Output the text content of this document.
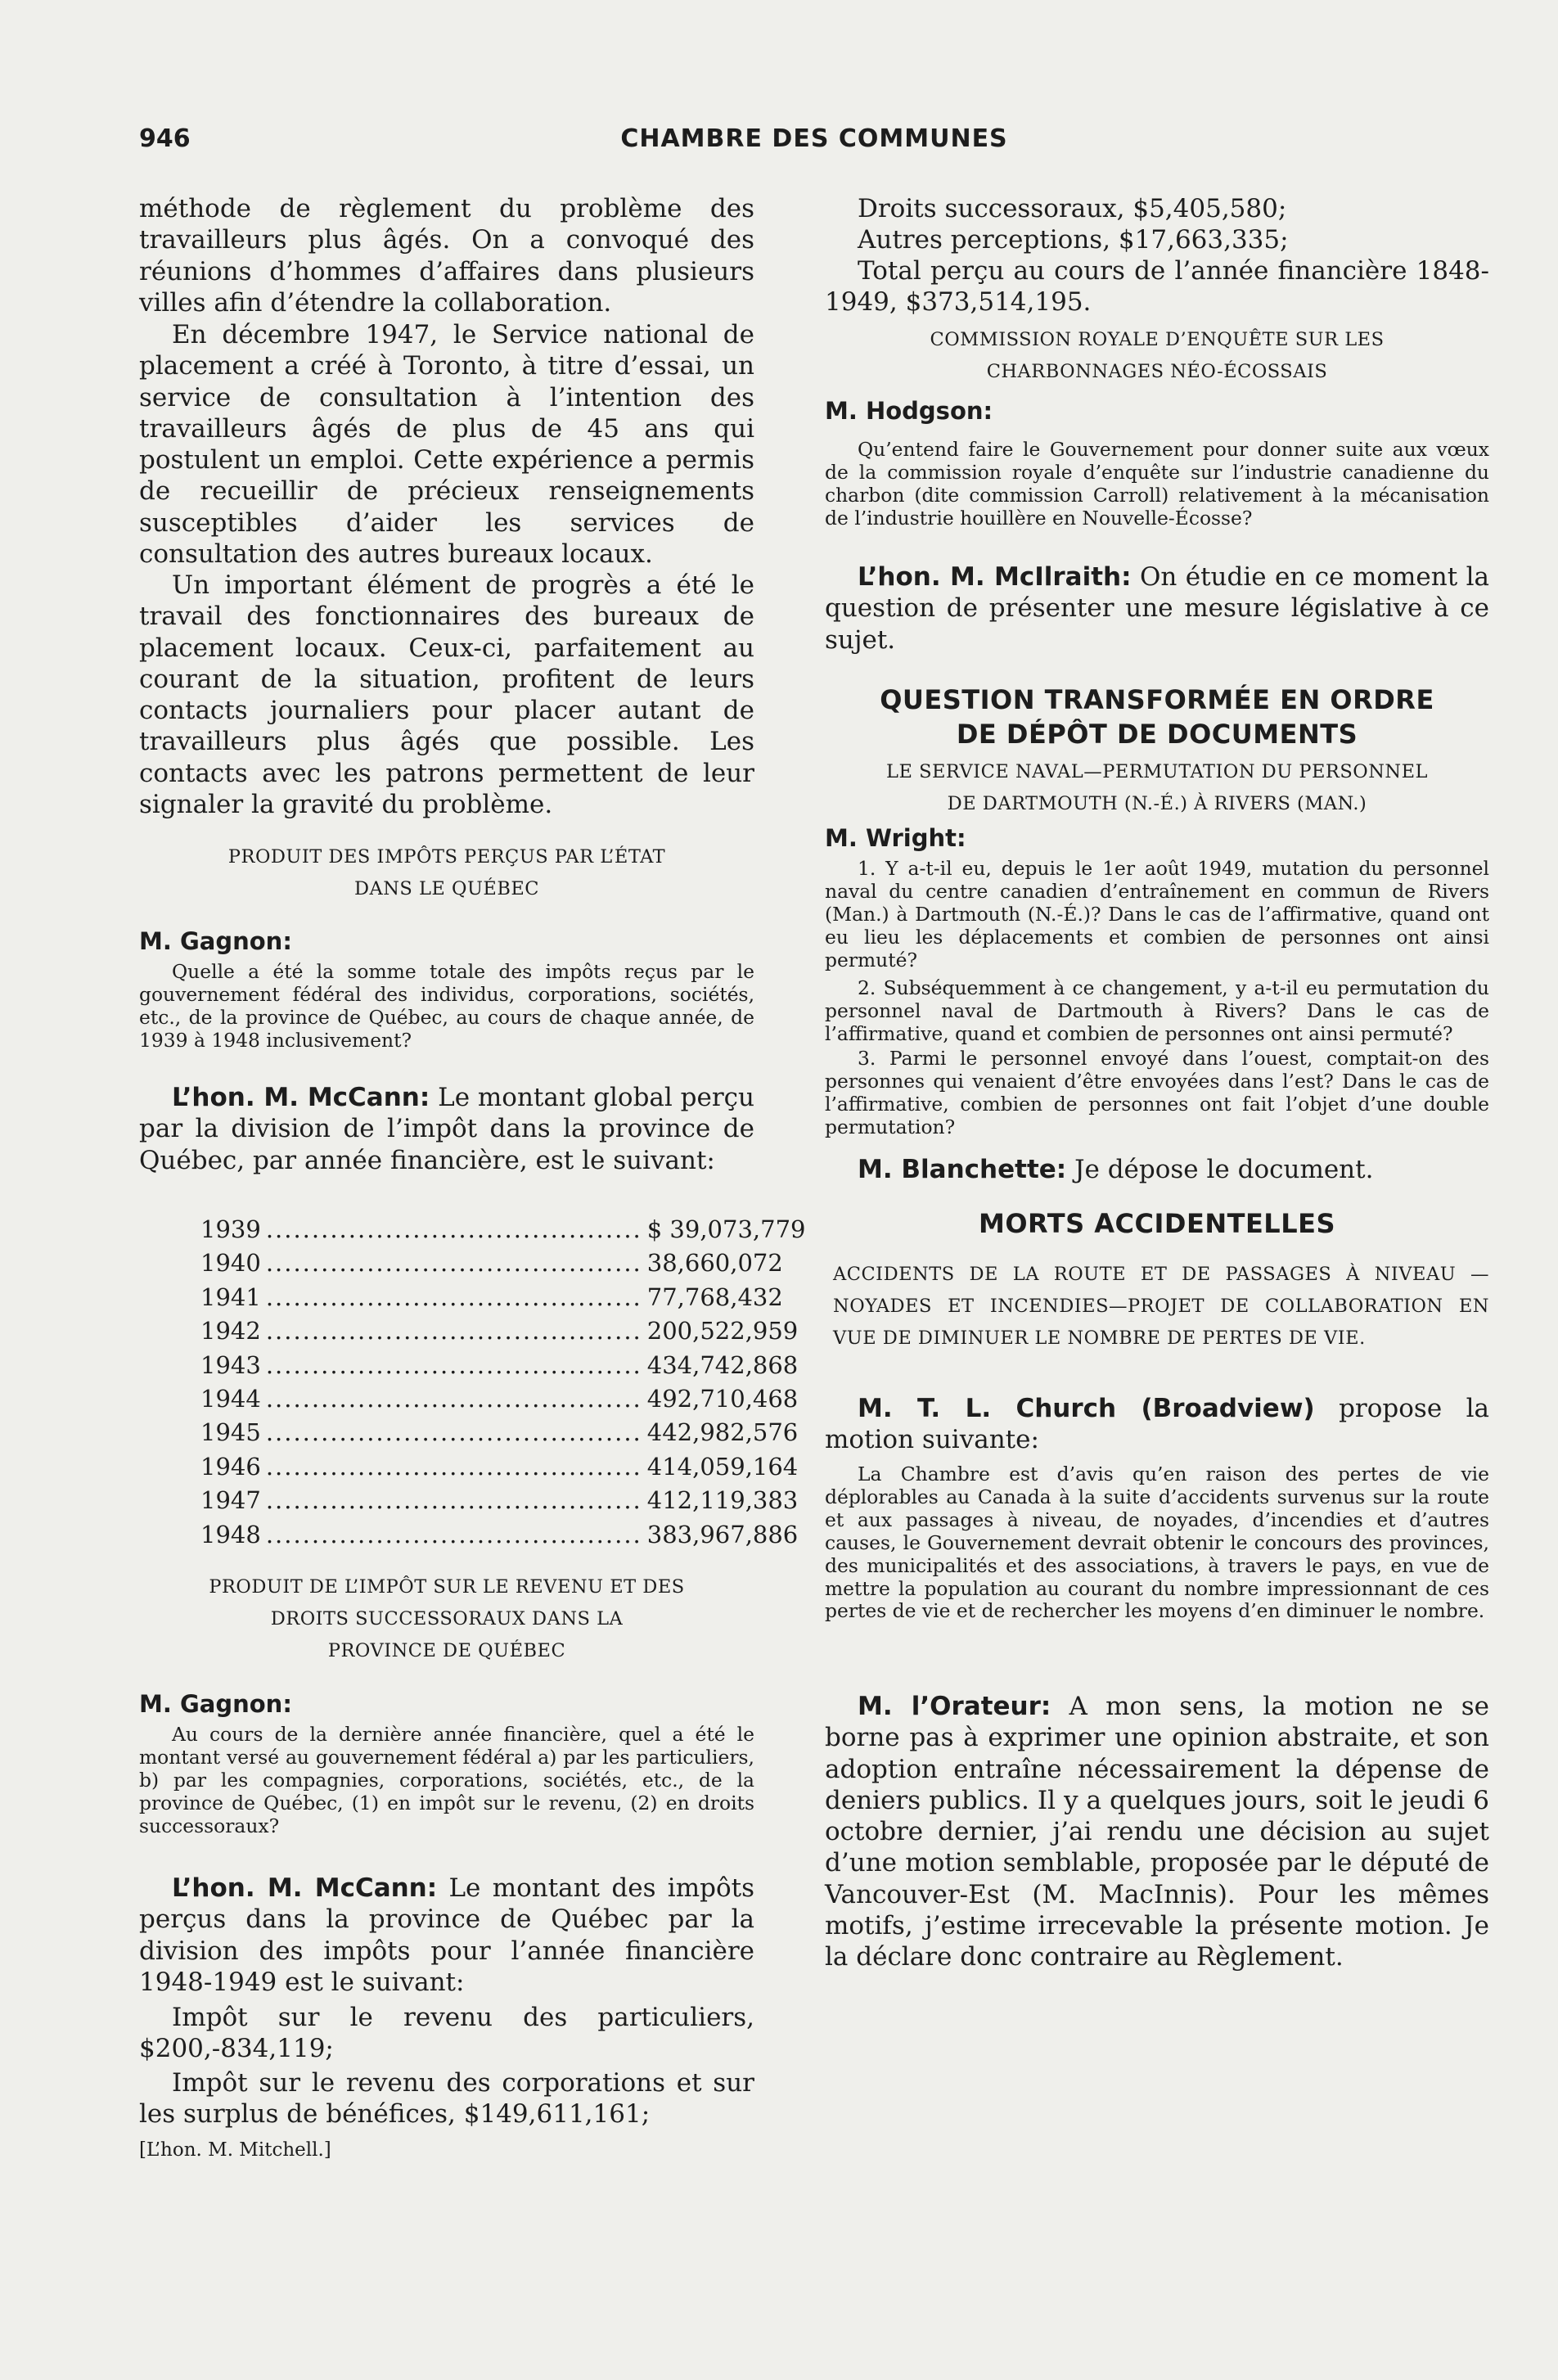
946	CHAMBRE DES COMMUNES

méthode de règlement du problème des travailleurs plus âgés. On a convoqué des réunions d’hommes d’affaires dans plusieurs villes afin d’étendre la collaboration.

En décembre 1947, le Service national de placement a créé à Toronto, à titre d’essai, un service de consultation à l’intention des travailleurs âgés de plus de 45 ans qui postulent un emploi. Cette expérience a permis de recueillir de précieux renseignements susceptibles d’aider les services de consultation des autres bureaux locaux.

Un important élément de progrès a été le travail des fonctionnaires des bureaux de placement locaux. Ceux-ci, parfaitement au courant de la situation, profitent de leurs contacts journaliers pour placer autant de travailleurs plus âgés que possible. Les contacts avec les patrons permettent de leur signaler la gravité du problème.

PRODUIT DES IMPÔTS PERÇUS PAR L’ÉTAT

DANS LE QUÉBEC

M. Gagnon:

Quelle a été la somme totale des impôts reçus par le gouvernement fédéral des individus, corporations, sociétés, etc., de la province de Québec, au cours de chaque année, de 1939 à 1948 inclusivement?

L’hon. M. McCann: Le montant global perçu par la division de l’impôt dans la province de Québec, par année financière, est le suivant:

1939 ......................................... $ 39,073,779
1940 ......................................... 38,660,072
1941 ......................................... 77,768,432
1942 ......................................... 200,522,959
1943 ......................................... 434,742,868
1944 ......................................... 492,710,468
1945 ......................................... 442,982,576
1946 ......................................... 414,059,164
1947 ......................................... 412,119,383
1948 ......................................... 383,967,886

PRODUIT DE L’IMPÔT SUR LE REVENU ET DES

DROITS SUCCESSORAUX DANS LA

PROVINCE DE QUÉBEC

M. Gagnon:

Au cours de la dernière année financière, quel a été le montant versé au gouvernement fédéral a) par les particuliers, b) par les compagnies, corporations, sociétés, etc., de la province de Québec, (1) en impôt sur le revenu, (2) en droits successoraux?

L’hon. M. McCann: Le montant des impôts perçus dans la province de Québec par la division des impôts pour l’année financière 1948-1949 est le suivant:

Impôt sur le revenu des particuliers, $200,-834,119;

Impôt sur le revenu des corporations et sur les surplus de bénéfices, $149,611,161;

[L’hon. M. Mitchell.]

Droits successoraux, $5,405,580;

Autres perceptions, $17,663,335;

Total perçu au cours de l’année financière 1848-1949, $373,514,195.

COMMISSION ROYALE D’ENQUÊTE SUR LES

CHARBONNAGES NÉO-ÉCOSSAIS

M. Hodgson:

Qu’entend faire le Gouvernement pour donner suite aux vœux de la commission royale d’enquête sur l’industrie canadienne du charbon (dite commission Carroll) relativement à la mécanisation de l’industrie houillère en Nouvelle-Écosse?

L’hon. M. McIlraith: On étudie en ce moment la question de présenter une mesure législative à ce sujet.

QUESTION TRANSFORMÉE EN ORDRE

DE DÉPÔT DE DOCUMENTS

LE SERVICE NAVAL—PERMUTATION DU PERSONNEL

DE DARTMOUTH (N.-É.) À RIVERS (MAN.)

M. Wright:

1. Y a-t-il eu, depuis le 1er août 1949, mutation du personnel naval du centre canadien d’entraînement en commun de Rivers (Man.) à Dartmouth (N.-É.)? Dans le cas de l’affirmative, quand ont eu lieu les déplacements et combien de personnes ont ainsi permuté?

2. Subséquemment à ce changement, y a-t-il eu permutation du personnel naval de Dartmouth à Rivers? Dans le cas de l’affirmative, quand et combien de personnes ont ainsi permuté?

3. Parmi le personnel envoyé dans l’ouest, comptait-on des personnes qui venaient d’être envoyées dans l’est? Dans le cas de l’affirmative, combien de personnes ont fait l’objet d’une double permutation?

M. Blanchette: Je dépose le document.

MORTS ACCIDENTELLES

ACCIDENTS DE LA ROUTE ET DE PASSAGES À NIVEAU —NOYADES ET INCENDIES—PROJET DE COLLABORATION EN VUE DE DIMINUER LE NOMBRE DE PERTES DE VIE.

M. T. L. Church (Broadview) propose la motion suivante:

La Chambre est d’avis qu’en raison des pertes de vie déplorables au Canada à la suite d’accidents survenus sur la route et aux passages à niveau, de noyades, d’incendies et d’autres causes, le Gouvernement devrait obtenir le concours des provinces, des municipalités et des associations, à travers le pays, en vue de mettre la population au courant du nombre impressionnant de ces pertes de vie et de rechercher les moyens d’en diminuer le nombre.

M. l’Orateur: A mon sens, la motion ne se borne pas à exprimer une opinion abstraite, et son adoption entraîne nécessairement la dépense de deniers publics. Il y a quelques jours, soit le jeudi 6 octobre dernier, j’ai rendu une décision au sujet d’une motion semblable, proposée par le député de Vancouver-Est (M. MacInnis). Pour les mêmes motifs, j’estime irrecevable la présente motion. Je la déclare donc contraire au Règlement.
